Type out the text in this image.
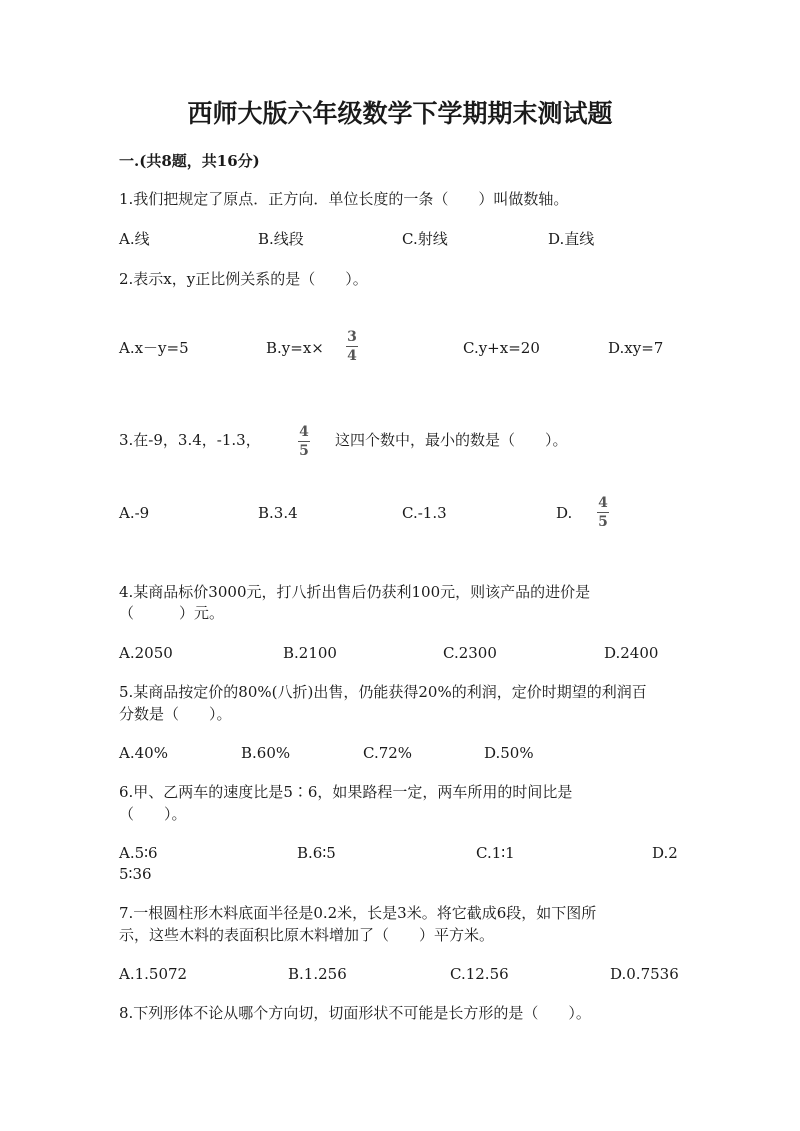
西师大版六年级数学下学期期末测试题
一.(共8题，共16分)
1.我们把规定了原点．正方向．单位长度的一条（　　）叫做数轴。
A.线	B.线段	C.射线	D.直线
2.表示x，y正比例关系的是（　　）。
A.x－y=5	B.y=x×
3
4	C.y+x=20	D.xy=7
3.在-9，3.4，-1.3，	4
5
这四个数中，最小的数是（　　）。
A.-9	B.3.4	C.-1.3	D.
4
5
4.某商品标价3000元，打八折出售后仍获利100元，则该产品的进价是
（　　　）元。
A.2050	B.2100	C.2300	D.2400
5.某商品按定价的80%(八折)出售，仍能获得20%的利润，定价时期望的利润百
分数是（　　）。
A.40%	B.60%	C.72%	D.50%
6.甲、乙两车的速度比是5∶6，如果路程一定，两车所用的时间比是
（　　）。
A.5∶6	B.6∶5	C.1∶1	D.2
5∶36
7.一根圆柱形木料底面半径是0.2米，长是3米。将它截成6段，如下图所
示，这些木料的表面积比原木料增加了（　　）平方米。
A.1.5072	B.1.256	C.12.56	D.0.7536
8.下列形体不论从哪个方向切，切面形状不可能是长方形的是（　　）。
